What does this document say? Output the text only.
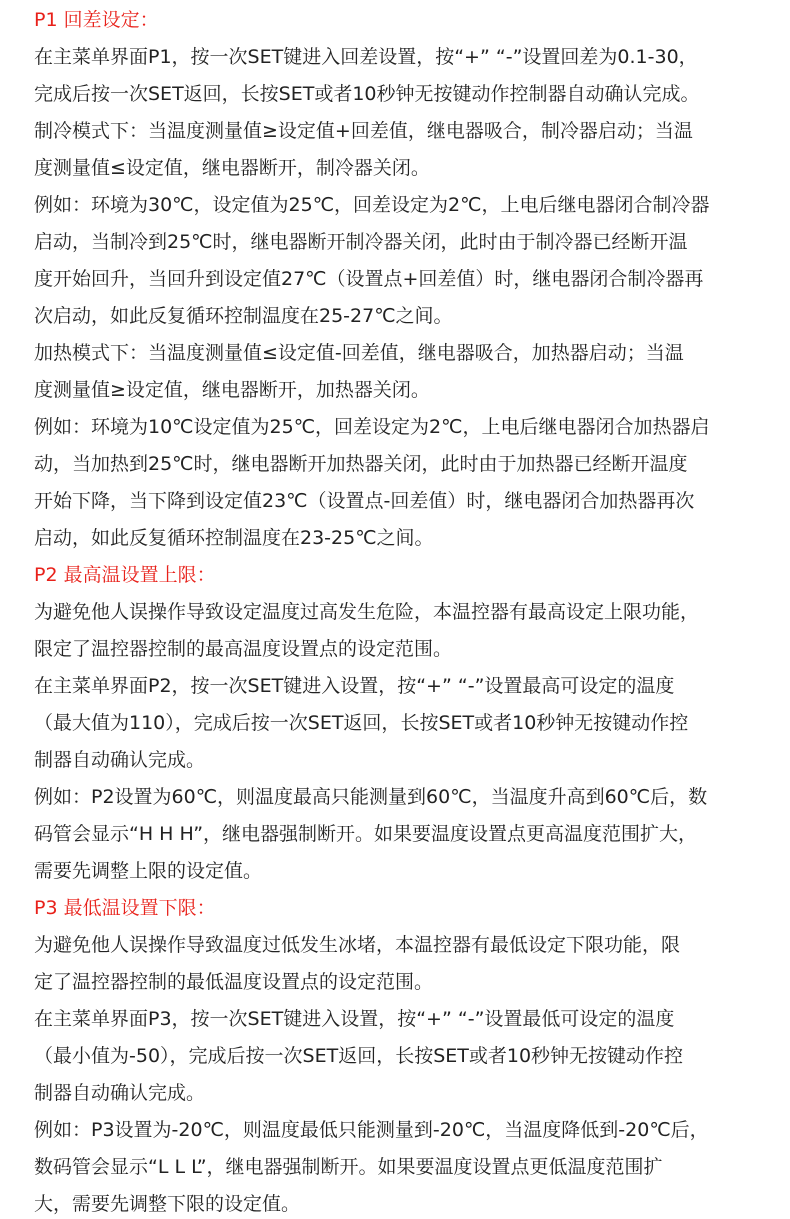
P1 回差设定：
在主菜单界面P1，按一次SET键进入回差设置，按“+” “-”设置回差为0.1-30，
完成后按一次SET返回，长按SET或者10秒钟无按键动作控制器自动确认完成。
制冷模式下：当温度测量值≥设定值+回差值，继电器吸合，制冷器启动；当温
度测量值≤设定值，继电器断开，制冷器关闭。
例如：环境为30℃，设定值为25℃，回差设定为2℃，上电后继电器闭合制冷器
启动，当制冷到25℃时，继电器断开制冷器关闭，此时由于制冷器已经断开温
度开始回升，当回升到设定值27℃（设置点+回差值）时，继电器闭合制冷器再
次启动，如此反复循环控制温度在25-27℃之间。
加热模式下：当温度测量值≤设定值-回差值，继电器吸合，加热器启动；当温
度测量值≥设定值，继电器断开，加热器关闭。
例如：环境为10℃设定值为25℃，回差设定为2℃，上电后继电器闭合加热器启
动，当加热到25℃时，继电器断开加热器关闭，此时由于加热器已经断开温度
开始下降，当下降到设定值23℃（设置点-回差值）时，继电器闭合加热器再次
启动，如此反复循环控制温度在23-25℃之间。
P2 最高温设置上限：
为避免他人误操作导致设定温度过高发生危险，本温控器有最高设定上限功能，
限定了温控器控制的最高温度设置点的设定范围。
在主菜单界面P2，按一次SET键进入设置，按“+” “-”设置最高可设定的温度
（最大值为110），完成后按一次SET返回，长按SET或者10秒钟无按键动作控
制器自动确认完成。
例如：P2设置为60℃，则温度最高只能测量到60℃，当温度升高到60℃后，数
码管会显示“H H H”，继电器强制断开。如果要温度设置点更高温度范围扩大，
需要先调整上限的设定值。
P3 最低温设置下限：
为避免他人误操作导致温度过低发生冰堵，本温控器有最低设定下限功能，限
定了温控器控制的最低温度设置点的设定范围。
在主菜单界面P3，按一次SET键进入设置，按“+” “-”设置最低可设定的温度
（最小值为-50），完成后按一次SET返回，长按SET或者10秒钟无按键动作控
制器自动确认完成。
例如：P3设置为-20℃，则温度最低只能测量到-20℃，当温度降低到-20℃后，
数码管会显示“L L L”，继电器强制断开。如果要温度设置点更低温度范围扩
大，需要先调整下限的设定值。
